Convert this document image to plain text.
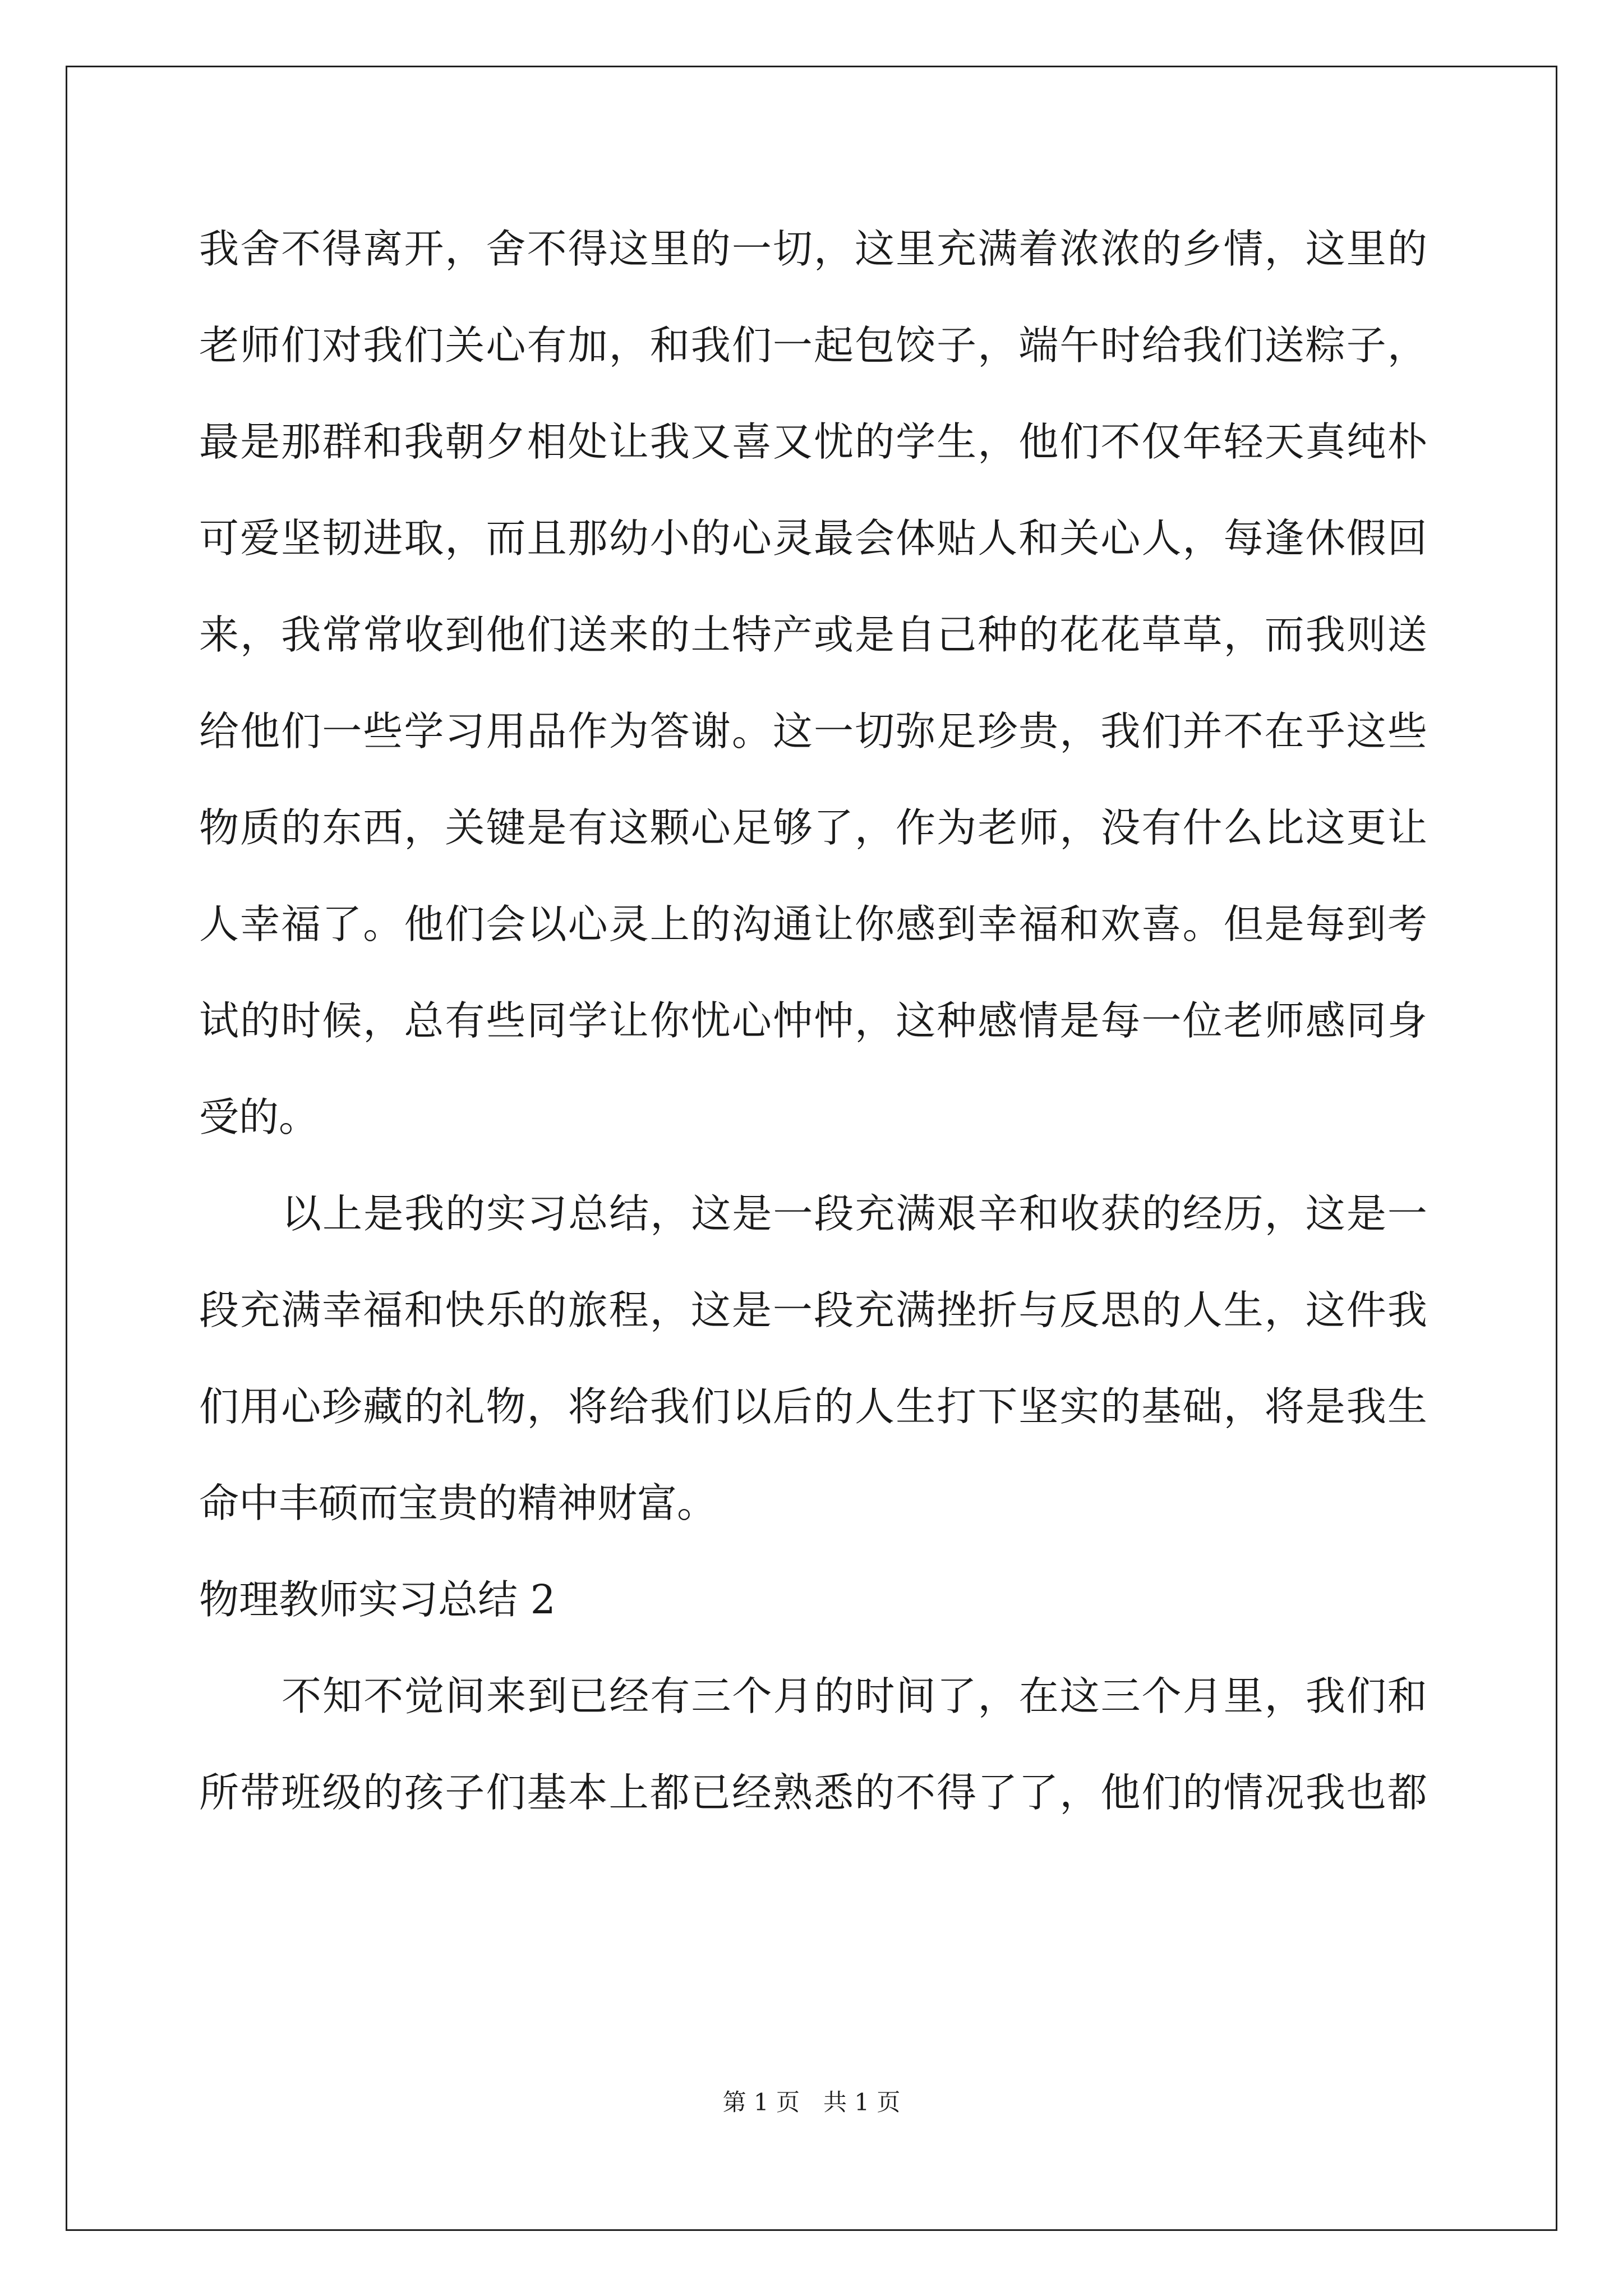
我 舍 不 得 离 开 ， 舍 不 得 这 里 的 一 切 ， 这 里 充 满 着 浓 浓 的 乡 情 ， 这 里 的
老 师 们 对 我 们 关 心 有 加 ， 和 我 们 一 起 包 饺 子 ， 端 午 时 给 我 们 送 粽 子 ，
最 是 那 群 和 我 朝 夕 相 处 让 我 又 喜 又 忧 的 学 生 ， 他 们 不 仅 年 轻 天 真 纯 朴
可 爱 坚 韧 进 取 ， 而 且 那 幼 小 的 心 灵 最 会 体 贴 人 和 关 心 人 ， 每 逢 休 假 回
来 ， 我 常 常 收 到 他 们 送 来 的 土 特 产 或 是 自 己 种 的 花 花 草 草 ， 而 我 则 送
给 他 们 一 些 学 习 用 品 作 为 答 谢 。 这 一 切 弥 足 珍 贵 ， 我 们 并 不 在 乎 这 些
物 质 的 东 西 ， 关 键 是 有 这 颗 心 足 够 了 ， 作 为 老 师 ， 没 有 什 么 比 这 更 让
人 幸 福 了 。 他 们 会 以 心 灵 上 的 沟 通 让 你 感 到 幸 福 和 欢 喜 。 但 是 每 到 考
试 的 时 候 ， 总 有 些 同 学 让 你 忧 心 忡 忡 ， 这 种 感 情 是 每 一 位 老 师 感 同 身
受的。
以 上 是 我 的 实 习 总 结 ， 这 是 一 段 充 满 艰 辛 和 收 获 的 经 历 ， 这 是 一
段 充 满 幸 福 和 快 乐 的 旅 程 ， 这 是 一 段 充 满 挫 折 与 反 思 的 人 生 ， 这 件 我
们 用 心 珍 藏 的 礼 物 ， 将 给 我 们 以 后 的 人 生 打 下 坚 实 的 基 础 ， 将 是 我 生
命中丰硕而宝贵的精神财富。
物理教师实习总结 2
不 知 不 觉 间 来 到 已 经 有 三 个 月 的 时 间 了 ， 在 这 三 个 月 里 ， 我 们 和
所 带 班 级 的 孩 子 们 基 本 上 都 已 经 熟 悉 的 不 得 了 了 ， 他 们 的 情 况 我 也 都
第 1 页　共 1 页
